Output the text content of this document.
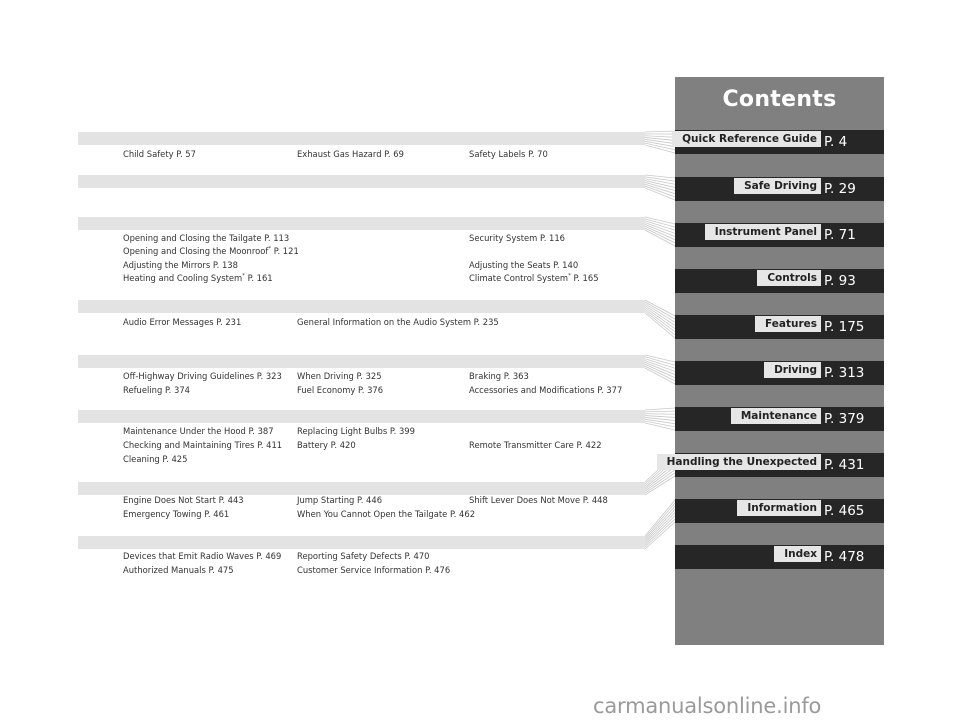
Child Safety P. 57	Exhaust Gas Hazard P. 69	Safety Labels P. 70
Opening and Closing the Tailgate P. 113	Security System P. 116
Opening and Closing the Moonroof* P. 121
Adjusting the Mirrors P. 138	Adjusting the Seats P. 140
Heating and Cooling System* P. 161	Climate Control System* P. 165
Audio Error Messages P. 231	General Information on the Audio System P. 235
Off-Highway Driving Guidelines P. 323 When Driving P. 325	Braking P. 363
Refueling P. 374	Fuel Economy P. 376	Accessories and Modifications P. 377
Maintenance Under the Hood P. 387	Replacing Light Bulbs P. 399
Checking and Maintaining Tires P. 411 Battery P. 420	Remote Transmitter Care P. 422
Cleaning P. 425
Engine Does Not Start P. 443	Jump Starting P. 446	Shift Lever Does Not Move P. 448
Emergency Towing P. 461	When You Cannot Open the Tailgate P. 462
Devices that Emit Radio Waves P. 469 Reporting Safety Defects P. 470
Authorized Manuals P. 475	Customer Service Information P. 476
Contents
Quick Reference Guide P. 4
Safe Driving P. 29
Instrument Panel P. 71
Controls P. 93
Features P. 175
Driving P. 313
Maintenance P. 379
Handling the Unexpected P. 431
Information P. 465
Index P. 478
carmanualsonline.info
